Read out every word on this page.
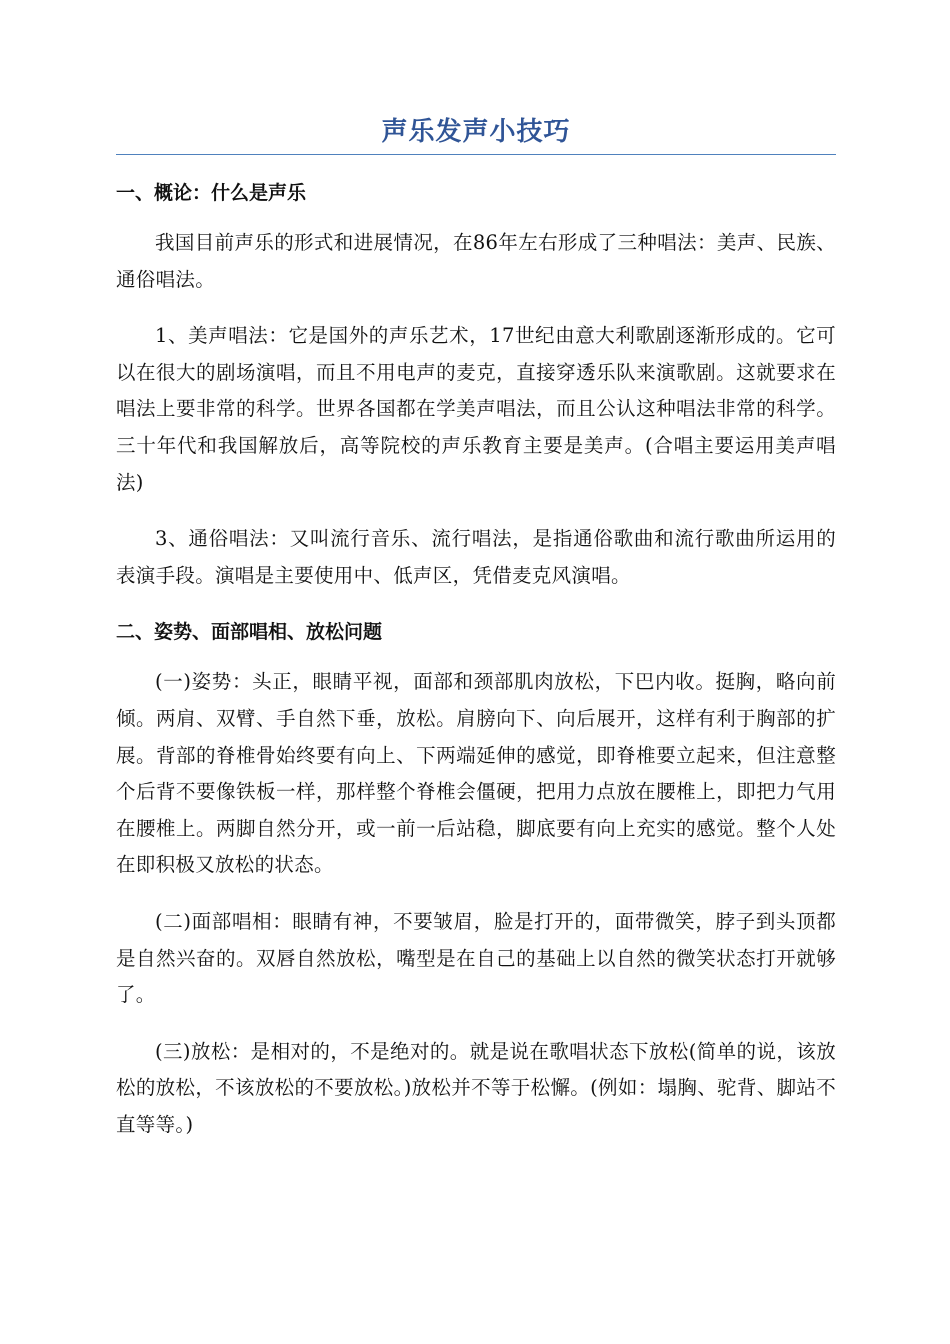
声乐发声小技巧
一、概论：什么是声乐

我国目前声乐的形式和进展情况，在86年左右形成了三种唱法：美声、民族、通俗唱法。

1、美声唱法：它是国外的声乐艺术，17世纪由意大利歌剧逐渐形成的。它可以在很大的剧场演唱，而且不用电声的麦克，直接穿透乐队来演歌剧。这就要求在唱法上要非常的科学。世界各国都在学美声唱法，而且公认这种唱法非常的科学。三十年代和我国解放后，高等院校的声乐教育主要是美声。(合唱主要运用美声唱法)

3、通俗唱法：又叫流行音乐、流行唱法，是指通俗歌曲和流行歌曲所运用的表演手段。演唱是主要使用中、低声区，凭借麦克风演唱。

二、姿势、面部唱相、放松问题

(一)姿势：头正，眼睛平视，面部和颈部肌肉放松，下巴内收。挺胸，略向前倾。两肩、双臂、手自然下垂，放松。肩膀向下、向后展开，这样有利于胸部的扩展。背部的脊椎骨始终要有向上、下两端延伸的感觉，即脊椎要立起来，但注意整个后背不要像铁板一样，那样整个脊椎会僵硬，把用力点放在腰椎上，即把力气用在腰椎上。两脚自然分开，或一前一后站稳，脚底要有向上充实的感觉。整个人处在即积极又放松的状态。

(二)面部唱相：眼睛有神，不要皱眉，脸是打开的，面带微笑，脖子到头顶都是自然兴奋的。双唇自然放松，嘴型是在自己的基础上以自然的微笑状态打开就够了。

(三)放松：是相对的，不是绝对的。就是说在歌唱状态下放松(简单的说，该放松的放松，不该放松的不要放松。)放松并不等于松懈。(例如：塌胸、驼背、脚站不直等等。)
